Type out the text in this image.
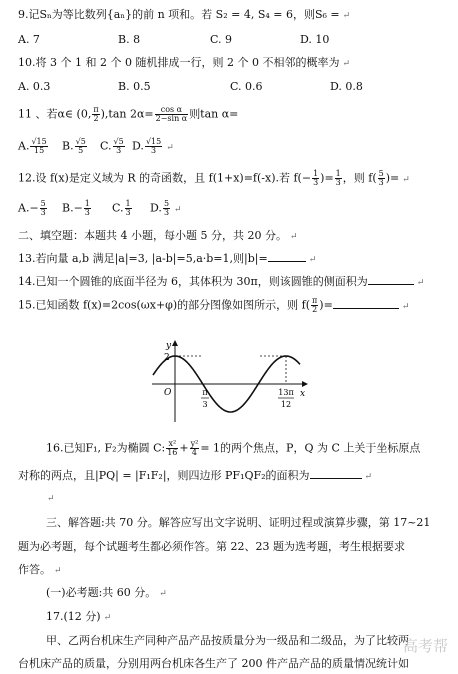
9.记Sₙ为等比数列{aₙ}的前 n 项和。若 S₂ = 4, S₄ = 6，则S₆ = ↵
A. 7	B. 8	C. 9	D. 10
10.将 3 个 1 和 2 个 0 随机排成一行，则 2 个 0 不相邻的概率为 ↵
A. 0.3	B. 0.5	C. 0.6	D. 0.8
11 、若α∈ (0, $\frac{\pi}{2} ),\tan$ $2\alpha= \frac{\text{cos α}}{\text{2−sin α}}$ 则tan α=
A. $\frac{√15}{15} B$. $\frac{√5}{5} C$. $\frac{√5}{3} D$. $\frac{√15}{3}$ ↵
12.设 f(x)是定义域为 R 的奇函数，且 f(1+x)=f(-x).若 $f(- \frac{1}{3}$ )= $\frac{1}{3}$ ，则 $f( \frac{5}{3}$ )= ↵
$A.- \frac{5}{3} B.- \frac{1}{3} C$. $\frac{1}{3} D$. $\frac{5}{3}$ ↵
二、填空题：本题共 4 小题，每小题 5 分，共 20 分。 ↵
13.若向量 a,b 满足|a|=3, |a-b|=5,a·b=1,则|b|=	↵
14.已知一个圆锥的底面半径为 6，其体积为 30π，则该圆锥的侧面积为	↵
15.已知函数 f(x)=2cos(ωx+φ)的部分图像如图所示，则 $f( \frac{\pi}{2}$ )=	↵
y
x
O
2
π
3
13π
12
16.已知F₁, F₂为椭圆 C: $\frac{\text{x²}}{16} + \frac{\text{y²}}{4} = 1$的两个焦点，P，Q 为 C 上关于坐标原点
对称的两点，且|PQ| = |F₁F₂|，则四边形 PF₁QF₂的面积为	↵
↵
三、解答题:共 70 分。解答应写出文字说明、证明过程或演算步骤，第 17~21
题为必考题，每个试题考生都必须作答。第 22、23 题为选考题，考生根据要求
作答。 ↵
(一)必考题:共 60 分。 ↵
17.(12 分) ↵
甲、乙两台机床生产同种产品产品按质量分为一级品和二级品，为了比较两
台机床产品的质量，分别用两台机床各生产了 200 件产品产品的质量情况统计如
高考帮
